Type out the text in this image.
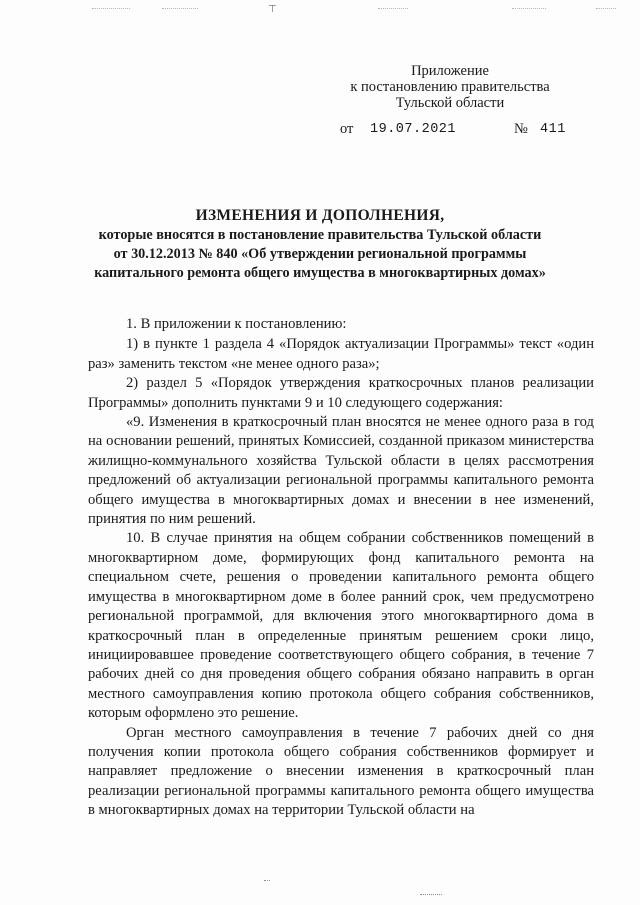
⊤
Приложение
к постановлению правительства
Тульской области
от 19.07.2021	№ 411
ИЗМЕНЕНИЯ И ДОПОЛНЕНИЯ,
которые вносятся в постановление правительства Тульской области
от 30.12.2013 № 840 «Об утверждении региональной программы
капитального ремонта общего имущества в многоквартирных домах»

1. В приложении к постановлению:

1) в пункте 1 раздела 4 «Порядок актуализации Программы» текст «один раз» заменить текстом «не менее одного раза»;

2) раздел 5 «Порядок утверждения краткосрочных планов реализации Программы» дополнить пунктами 9 и 10 следующего содержания:

«9. Изменения в краткосрочный план вносятся не менее одного раза в год на основании решений, принятых Комиссией, созданной приказом министерства жилищно-коммунального хозяйства Тульской области в целях рассмотрения предложений об актуализации региональной программы капитального ремонта общего имущества в многоквартирных домах и внесении в нее изменений, принятия по ним решений.

10. В случае принятия на общем собрании собственников помещений в многоквартирном доме, формирующих фонд капитального ремонта на специальном счете, решения о проведении капитального ремонта общего имущества в многоквартирном доме в более ранний срок, чем предусмотрено региональной программой, для включения этого многоквартирного дома в краткосрочный план в определенные принятым решением сроки лицо, инициировавшее проведение соответствующего общего собрания, в течение 7 рабочих дней со дня проведения общего собрания обязано направить в орган местного самоуправления копию протокола общего собрания собственников, которым оформлено это решение.

Орган местного самоуправления в течение 7 рабочих дней со дня получения копии протокола общего собрания собственников формирует и направляет предложение о внесении изменения в краткосрочный план реализации региональной программы капитального ремонта общего имущества в многоквартирных домах на территории Тульской области на
